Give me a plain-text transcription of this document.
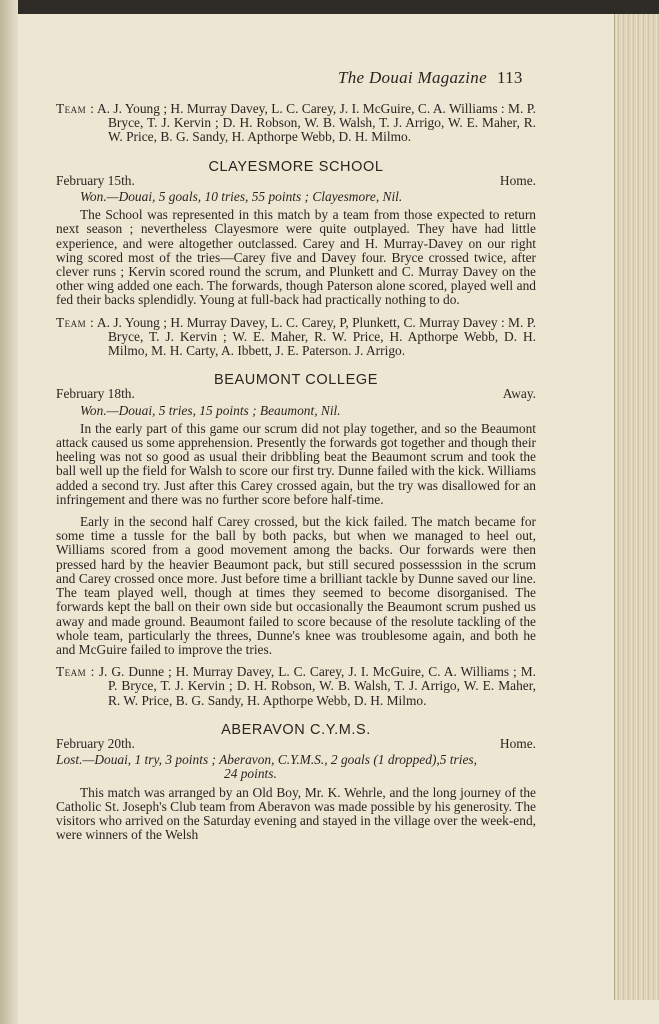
The Douai Magazine 113

Team : A. J. Young ; H. Murray Davey, L. C. Carey, J. I. McGuire, C. A. Williams : M. P. Bryce, T. J. Kervin ; D. H. Robson, W. B. Walsh, T. J. Arrigo, W. E. Maher, R. W. Price, B. G. Sandy, H. Apthorpe Webb, D. H. Milmo.

CLAYESMORE SCHOOL
February 15th.	Home.
Won.—Douai, 5 goals, 10 tries, 55 points ; Clayesmore, Nil.

The School was represented in this match by a team from those expected to return next season ; nevertheless Clayesmore were quite outplayed. They have had little experience, and were altogether outclassed. Carey and H. Murray-Davey on our right wing scored most of the tries—Carey five and Davey four. Bryce crossed twice, after clever runs ; Kervin scored round the scrum, and Plunkett and C. Murray Davey on the other wing added one each. The forwards, though Paterson alone scored, played well and fed their backs splendidly. Young at full-back had practically nothing to do.

Team : A. J. Young ; H. Murray Davey, L. C. Carey, P, Plunkett, C. Murray Davey : M. P. Bryce, T. J. Kervin ; W. E. Maher, R. W. Price, H. Apthorpe Webb, D. H. Milmo, M. H. Carty, A. Ibbett, J. E. Paterson. J. Arrigo.

BEAUMONT COLLEGE
February 18th.	Away.
Won.—Douai, 5 tries, 15 points ; Beaumont, Nil.

In the early part of this game our scrum did not play together, and so the Beaumont attack caused us some apprehension. Presently the forwards got together and though their heeling was not so good as usual their dribbling beat the Beaumont scrum and took the ball well up the field for Walsh to score our first try. Dunne failed with the kick. Williams added a second try. Just after this Carey crossed again, but the try was disallowed for an infringement and there was no further score before half-time.

Early in the second half Carey crossed, but the kick failed. The match became for some time a tussle for the ball by both packs, but when we managed to heel out, Williams scored from a good movement among the backs. Our forwards were then pressed hard by the heavier Beaumont pack, but still secured possesssion in the scrum and Carey crossed once more. Just before time a brilliant tackle by Dunne saved our line. The team played well, though at times they seemed to become disorganised. The forwards kept the ball on their own side but occasionally the Beaumont scrum pushed us away and made ground. Beaumont failed to score because of the resolute tackling of the whole team, particularly the threes, Dunne's knee was troublesome again, and both he and McGuire failed to improve the tries.

Team : J. G. Dunne ; H. Murray Davey, L. C. Carey, J. I. McGuire, C. A. Williams ; M. P. Bryce, T. J. Kervin ; D. H. Robson, W. B. Walsh, T. J. Arrigo, W. E. Maher, R. W. Price, B. G. Sandy, H. Apthorpe Webb, D. H. Milmo.

ABERAVON C.Y.M.S.
February 20th.	Home.
Lost.—Douai, 1 try, 3 points ; Aberavon, C.Y.M.S., 2 goals (1 dropped),5 tries,
24 points.

This match was arranged by an Old Boy, Mr. K. Wehrle, and the long journey of the Catholic St. Joseph's Club team from Aberavon was made possible by his generosity. The visitors who arrived on the Saturday evening and stayed in the village over the week-end, were winners of the Welsh
